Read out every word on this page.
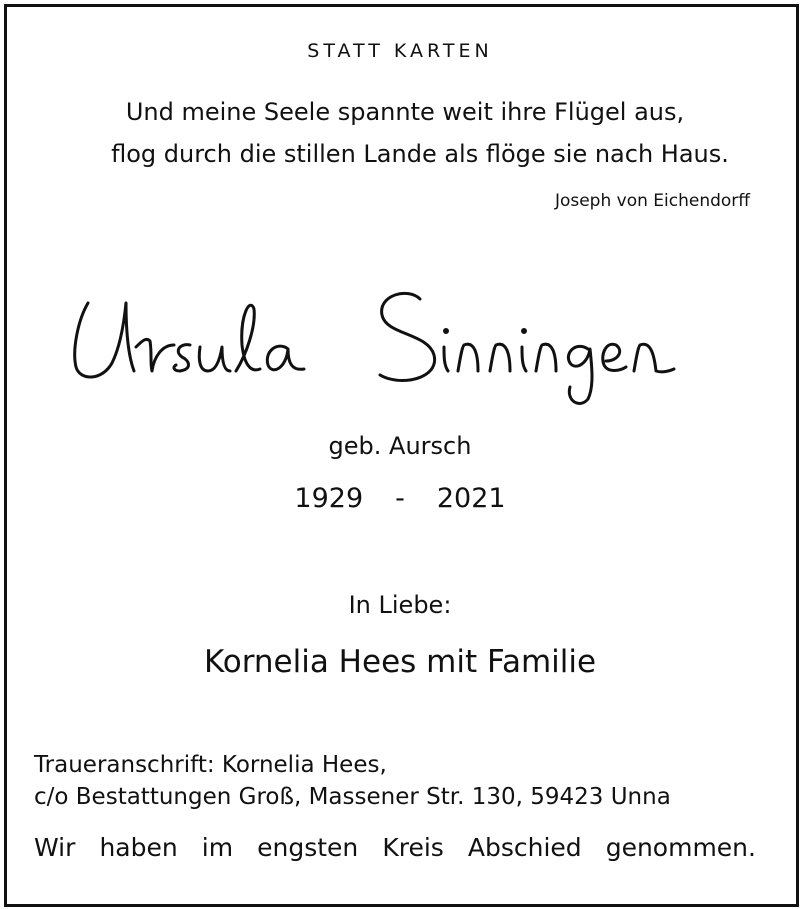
STATT KARTEN
Und meine Seele spannte weit ihre Flügel aus,
flog durch die stillen Lande als flöge sie nach Haus.
Joseph von Eichendorff
geb. Aursch
1929 - 2021
In Liebe:
Kornelia Hees mit Familie
Traueranschrift: Kornelia Hees,
c/o Bestattungen Groß, Massener Str. 130, 59423 Unna
Wir haben im engsten Kreis Abschied genommen.
